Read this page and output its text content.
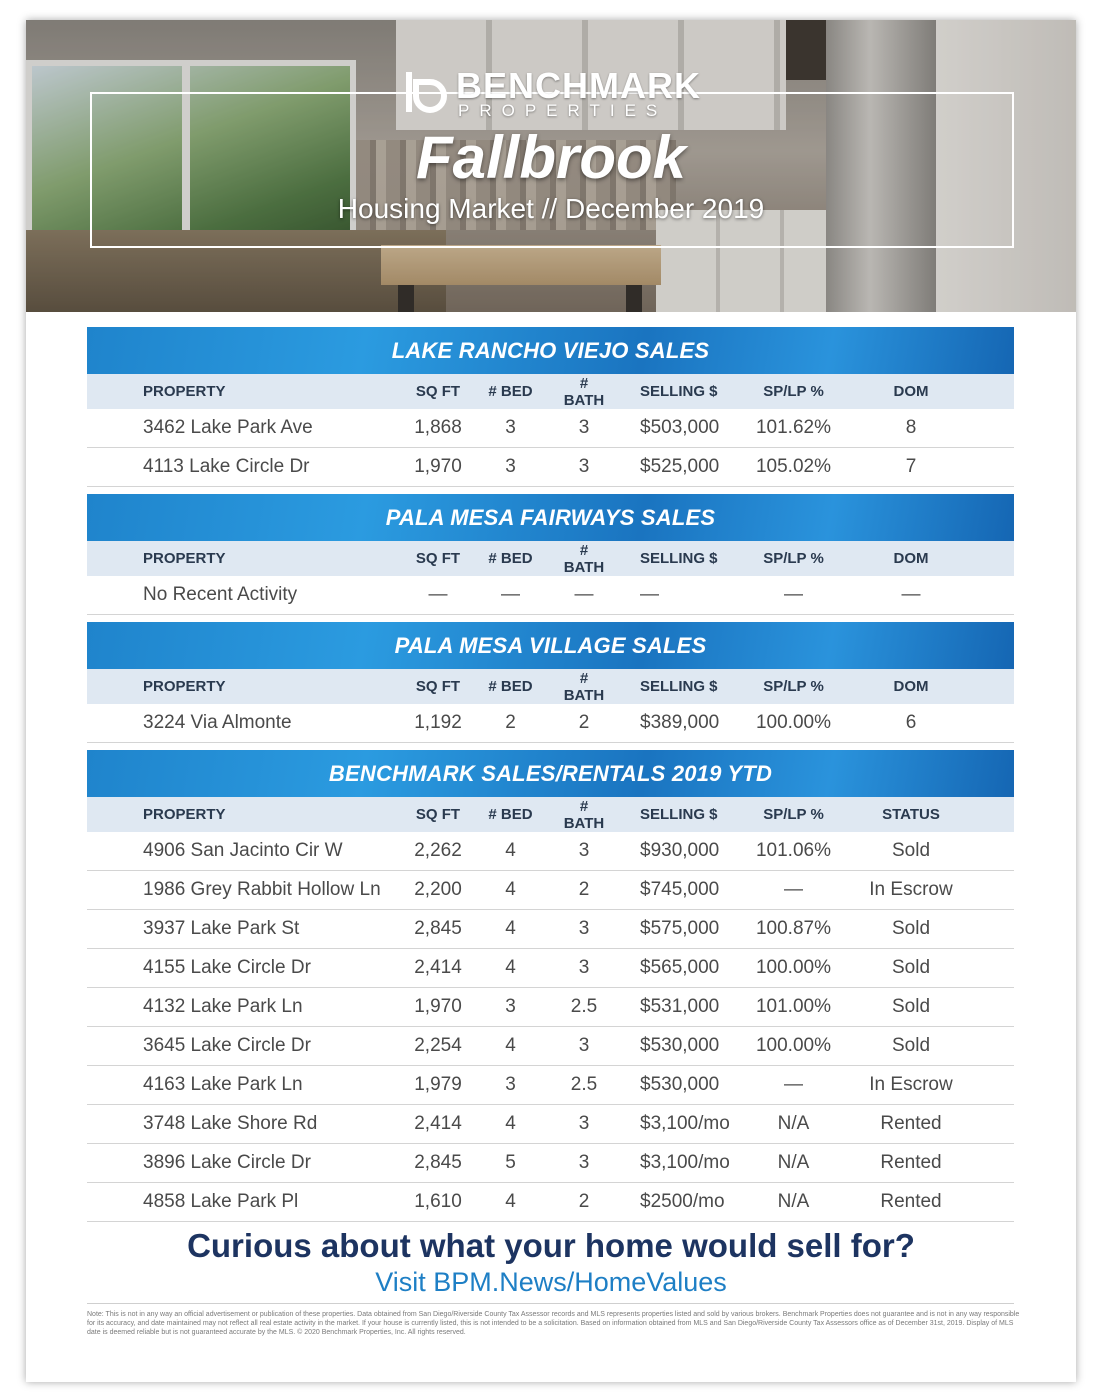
BENCHMARK
PROPERTIES
Fallbrook
Housing Market // December 2019
LAKE RANCHO VIEJO SALES
PROPERTY	SQ FT	# BED	# BATH	SELLING $	SP/LP %	DOM
3462 Lake Park Ave	1,868	3	3	$503,000	101.62%	8
4113 Lake Circle Dr	1,970	3	3	$525,000	105.02%	7
PALA MESA FAIRWAYS SALES
PROPERTY	SQ FT	# BED	# BATH	SELLING $	SP/LP %	DOM
No Recent Activity	—	—	—	—	—	—
PALA MESA VILLAGE SALES
PROPERTY	SQ FT	# BED	# BATH	SELLING $	SP/LP %	DOM
3224 Via Almonte	1,192	2	2	$389,000	100.00%	6
BENCHMARK SALES/RENTALS 2019 YTD
PROPERTY	SQ FT	# BED	# BATH	SELLING $	SP/LP %	STATUS
4906 San Jacinto Cir W	2,262	4	3	$930,000	101.06%	Sold
1986 Grey Rabbit Hollow Ln	2,200	4	2	$745,000	—	In Escrow
3937 Lake Park St	2,845	4	3	$575,000	100.87%	Sold
4155 Lake Circle Dr	2,414	4	3	$565,000	100.00%	Sold
4132 Lake Park Ln	1,970	3	2.5	$531,000	101.00%	Sold
3645 Lake Circle Dr	2,254	4	3	$530,000	100.00%	Sold
4163 Lake Park Ln	1,979	3	2.5	$530,000	—	In Escrow
3748 Lake Shore Rd	2,414	4	3	$3,100/mo	N/A	Rented
3896 Lake Circle Dr	2,845	5	3	$3,100/mo	N/A	Rented
4858 Lake Park Pl	1,610	4	2	$2500/mo	N/A	Rented
Curious about what your home would sell for?
Visit BPM.News/HomeValues
Note: This is not in any way an official advertisement or publication of these properties. Data obtained from San Diego/Riverside County Tax Assessor records and MLS represents properties listed and sold by various brokers. Benchmark Properties does not guarantee and is not in any way responsible for its accuracy, and date maintained may not reflect all real estate activity in the market. If your house is currently listed, this is not intended to be a solicitation. Based on information obtained from MLS and San Diego/Riverside County Tax Assessors office as of December 31st, 2019. Display of MLS date is deemed reliable but is not guaranteed accurate by the MLS. © 2020 Benchmark Properties, Inc. All rights reserved.
